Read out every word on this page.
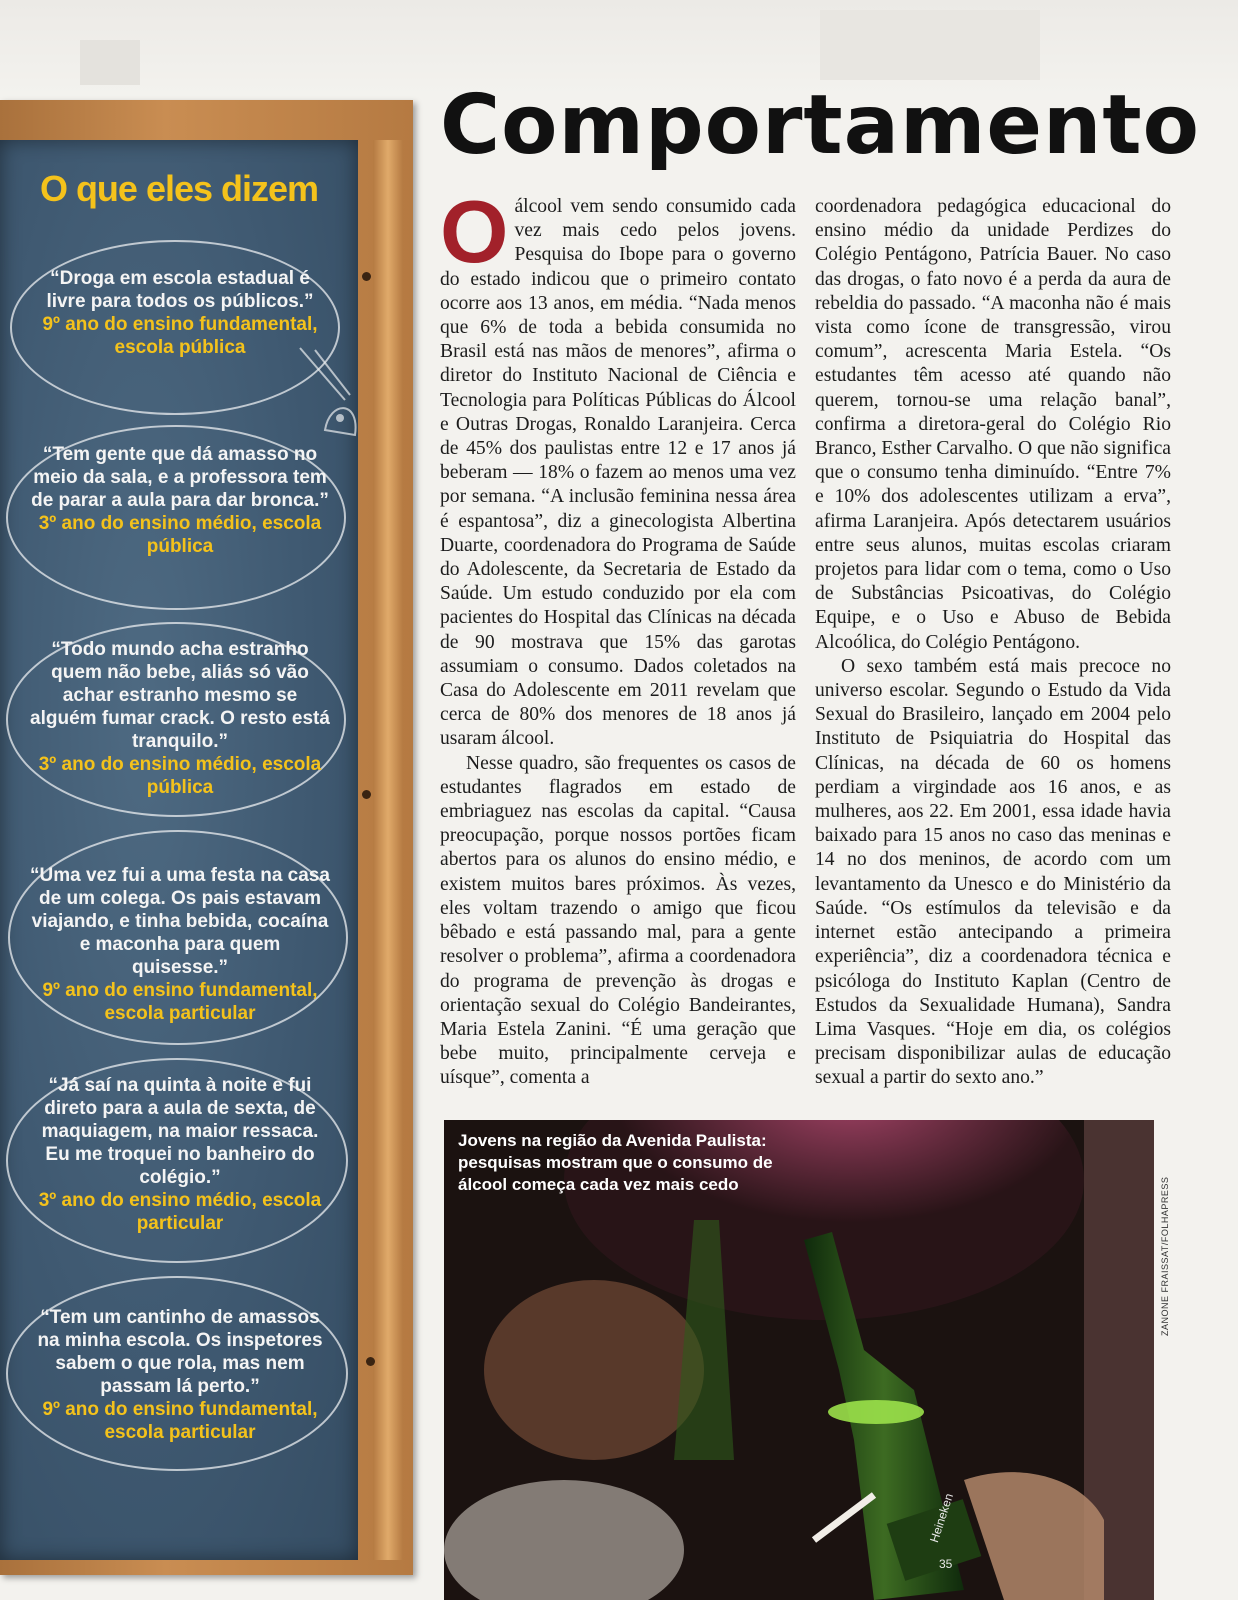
O que eles dizem
“Droga em escola estadual é livre para todos os públicos.”
9º ano do ensino fundamental, escola pública
“Tem gente que dá amasso no meio da sala, e a professora tem de parar a aula para dar bronca.”
3º ano do ensino médio, escola pública
“Todo mundo acha estranho quem não bebe, aliás só vão achar estranho mesmo se alguém fumar crack. O resto está tranquilo.”
3º ano do ensino médio, escola pública
“Uma vez fui a uma festa na casa de um colega. Os pais estavam viajando, e tinha bebida, cocaína e maconha para quem quisesse.”
9º ano do ensino fundamental, escola particular
“Já saí na quinta à noite e fui direto para a aula de sexta, de maquiagem, na maior ressaca. Eu me troquei no banheiro do colégio.”
3º ano do ensino médio, escola particular
“Tem um cantinho de amassos na minha escola. Os inspetores sabem o que rola, mas nem passam lá perto.”
9º ano do ensino fundamental, escola particular
Comportamento

Oálcool vem sendo consumido cada vez mais cedo pelos jovens. Pesquisa do Ibope para o governo do estado indicou que o primeiro contato ocorre aos 13 anos, em média. “Nada menos que 6% de toda a bebida consumida no Brasil está nas mãos de menores”, afirma o diretor do Instituto Nacional de Ciência e Tecnologia para Políticas Públicas do Álcool e Outras Drogas, Ronaldo Laranjeira. Cerca de 45% dos paulistas entre 12 e 17 anos já beberam — 18% o fazem ao menos uma vez por semana. “A inclusão feminina nessa área é espantosa”, diz a ginecologista Albertina Duarte, coordenadora do Programa de Saúde do Adolescente, da Secretaria de Estado da Saúde. Um estudo conduzido por ela com pacientes do Hospital das Clínicas na década de 90 mostrava que 15% das garotas assumiam o consumo. Dados coletados na Casa do Adolescente em 2011 revelam que cerca de 80% dos menores de 18 anos já usaram álcool.

Nesse quadro, são frequentes os casos de estudantes flagrados em estado de embriaguez nas escolas da capital. “Causa preocupação, porque nossos portões ficam abertos para os alunos do ensino médio, e existem muitos bares próximos. Às vezes, eles voltam trazendo o amigo que ficou bêbado e está passando mal, para a gente resolver o problema”, afirma a coordenadora do programa de prevenção às drogas e orientação sexual do Colégio Bandeirantes, Maria Estela Zanini. “É uma geração que bebe muito, principalmente cerveja e uísque”, comenta a

coordenadora pedagógica educacional do ensino médio da unidade Perdizes do Colégio Pentágono, Patrícia Bauer. No caso das drogas, o fato novo é a perda da aura de rebeldia do passado. “A maconha não é mais vista como ícone de transgressão, virou comum”, acrescenta Maria Estela. “Os estudantes têm acesso até quando não querem, tornou-se uma relação banal”, confirma a diretora-geral do Colégio Rio Branco, Esther Carvalho. O que não significa que o consumo tenha diminuído. “Entre 7% e 10% dos adolescentes utilizam a erva”, afirma Laranjeira. Após detectarem usuários entre seus alunos, muitas escolas criaram projetos para lidar com o tema, como o Uso de Substâncias Psicoativas, do Colégio Equipe, e o Uso e Abuso de Bebida Alcoólica, do Colégio Pentágono.

O sexo também está mais precoce no universo escolar. Segundo o Estudo da Vida Sexual do Brasileiro, lançado em 2004 pelo Instituto de Psiquiatria do Hospital das Clínicas, na década de 60 os homens perdiam a virgindade aos 16 anos, e as mulheres, aos 22. Em 2001, essa idade havia baixado para 15 anos no caso das meninas e 14 no dos meninos, de acordo com um levantamento da Unesco e do Ministério da Saúde. “Os estímulos da televisão e da internet estão antecipando a primeira experiência”, diz a coordenadora técnica e psicóloga do Instituto Kaplan (Centro de Estudos da Sexualidade Humana), Sandra Lima Vasques. “Hoje em dia, os colégios precisam disponibilizar aulas de educação sexual a partir do sexto ano.”

Heineken
35
Jovens na região da Avenida Paulista: pesquisas mostram que o consumo de álcool começa cada vez mais cedo	ZANONE FRAISSAT/FOLHAPRESS
